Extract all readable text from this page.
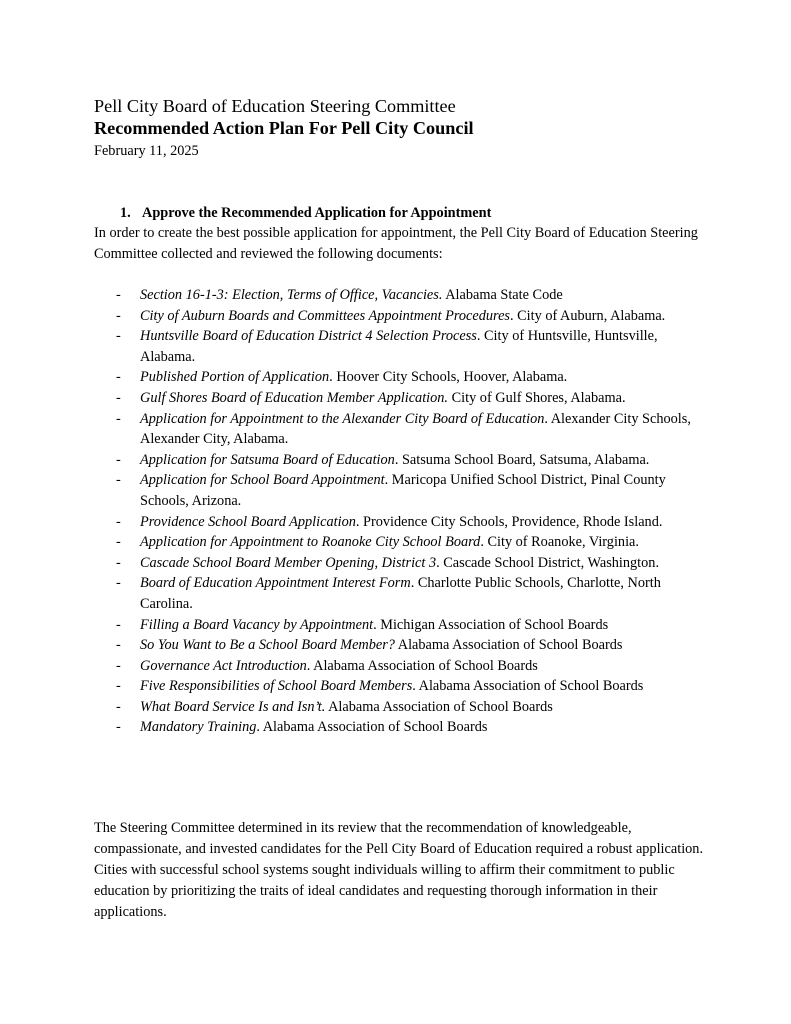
Pell City Board of Education Steering Committee
Recommended Action Plan For Pell City Council
February 11, 2025
1. Approve the Recommended Application for Appointment
In order to create the best possible application for appointment, the Pell City Board of Education Steering Committee collected and reviewed the following documents:
- Section 16-1-3: Election, Terms of Office, Vacancies. Alabama State Code
- City of Auburn Boards and Committees Appointment Procedures. City of Auburn, Alabama.
- Huntsville Board of Education District 4 Selection Process. City of Huntsville, Huntsville, Alabama.
- Published Portion of Application. Hoover City Schools, Hoover, Alabama.
- Gulf Shores Board of Education Member Application. City of Gulf Shores, Alabama.
- Application for Appointment to the Alexander City Board of Education. Alexander City Schools, Alexander City, Alabama.
- Application for Satsuma Board of Education. Satsuma School Board, Satsuma, Alabama.
- Application for School Board Appointment. Maricopa Unified School District, Pinal County Schools, Arizona.
- Providence School Board Application. Providence City Schools, Providence, Rhode Island.
- Application for Appointment to Roanoke City School Board. City of Roanoke, Virginia.
- Cascade School Board Member Opening, District 3. Cascade School District, Washington.
- Board of Education Appointment Interest Form. Charlotte Public Schools, Charlotte, North Carolina.
- Filling a Board Vacancy by Appointment. Michigan Association of School Boards
- So You Want to Be a School Board Member? Alabama Association of School Boards
- Governance Act Introduction. Alabama Association of School Boards
- Five Responsibilities of School Board Members. Alabama Association of School Boards
- What Board Service Is and Isn’t. Alabama Association of School Boards
- Mandatory Training. Alabama Association of School Boards
The Steering Committee determined in its review that the recommendation of knowledgeable, compassionate, and invested candidates for the Pell City Board of Education required a robust application. Cities with successful school systems sought individuals willing to affirm their commitment to public education by prioritizing the traits of ideal candidates and requesting thorough information in their applications.
